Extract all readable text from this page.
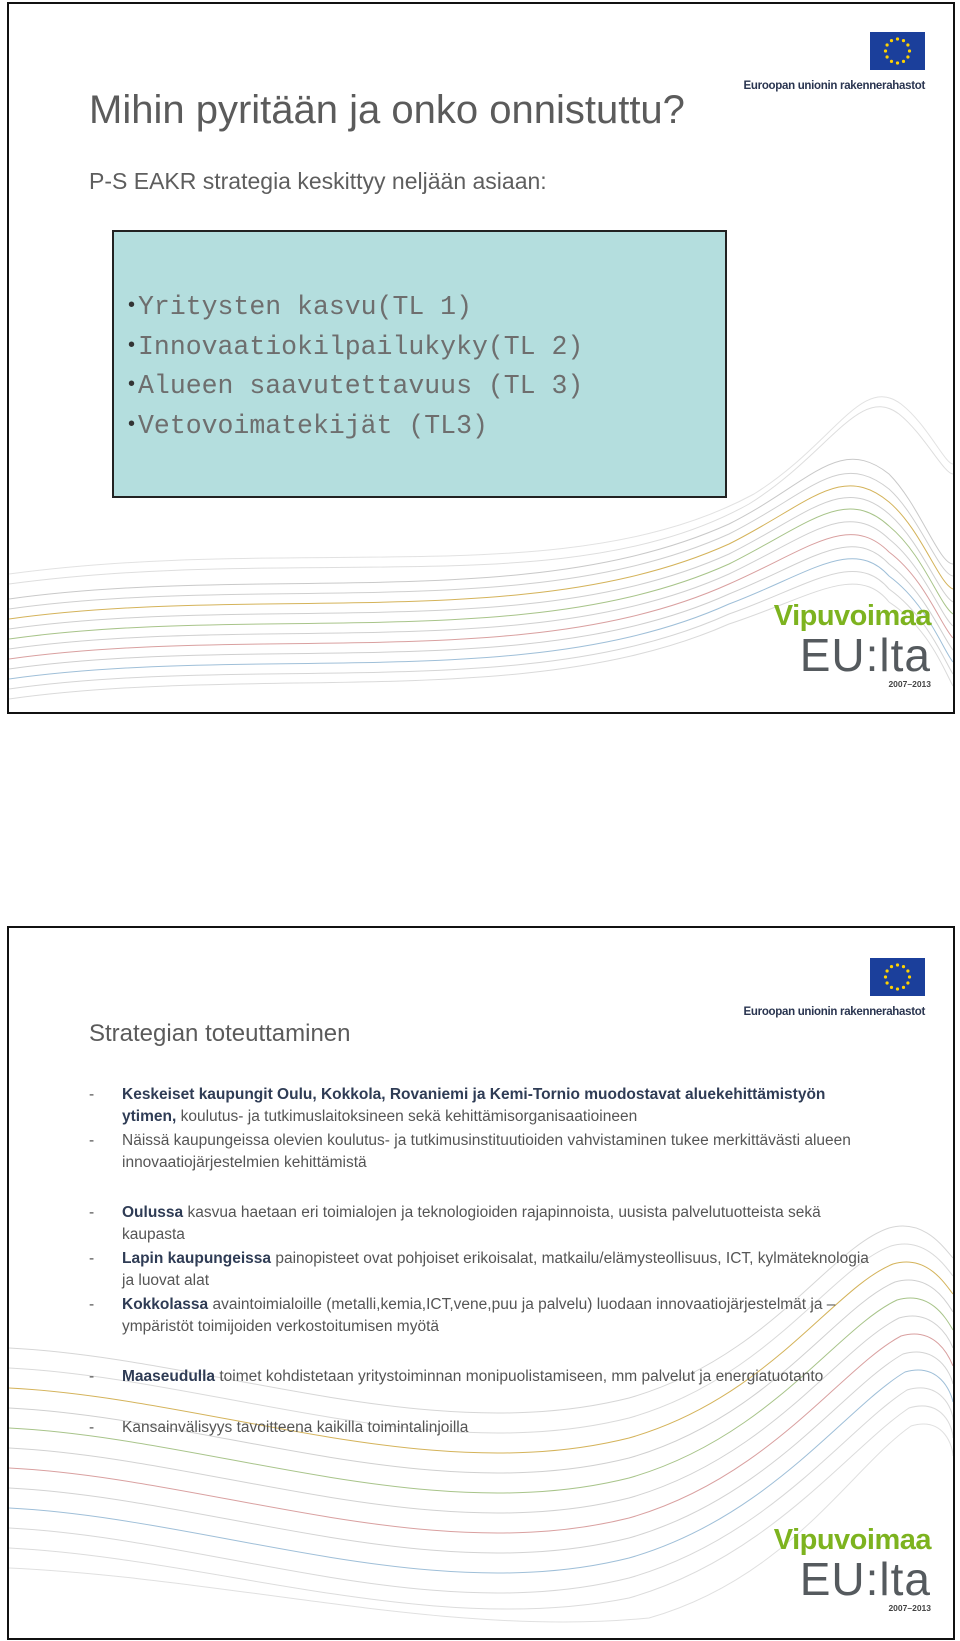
Euroopan unionin rakennerahastot
Mihin pyritään ja onko onnistuttu?
P-S EAKR strategia keskittyy neljään asiaan:
• Yritysten kasvu(TL 1)
• Innovaatiokilpailukyky(TL 2)
• Alueen saavutettavuus (TL 3)
• Vetovoimatekijät (TL3)
Vipuvoimaa
EU:lta
2007–2013
Euroopan unionin rakennerahastot
Strategian toteuttaminen
- Keskeiset kaupungit Oulu, Kokkola, Rovaniemi ja Kemi-Tornio muodostavat aluekehittämistyön ytimen, koulutus- ja tutkimuslaitoksineen sekä kehittämisorganisaatioineen
- Näissä kaupungeissa olevien koulutus- ja tutkimusinstituutioiden vahvistaminen tukee merkittävästi alueen innovaatiojärjestelmien kehittämistä
- Oulussa kasvua haetaan eri toimialojen ja teknologioiden rajapinnoista, uusista palvelutuotteista sekä kaupasta
- Lapin kaupungeissa painopisteet ovat pohjoiset erikoisalat, matkailu/elämysteollisuus, ICT, kylmäteknologia ja luovat alat
- Kokkolassa avaintoimialoille (metalli,kemia,ICT,vene,puu ja palvelu) luodaan innovaatiojärjestelmät ja –ympäristöt toimijoiden verkostoitumisen myötä
- Maaseudulla toimet kohdistetaan yritystoiminnan monipuolistamiseen, mm palvelut ja energiatuotanto
- Kansainvälisyys tavoitteena kaikilla toimintalinjoilla
Vipuvoimaa
EU:lta
2007–2013
